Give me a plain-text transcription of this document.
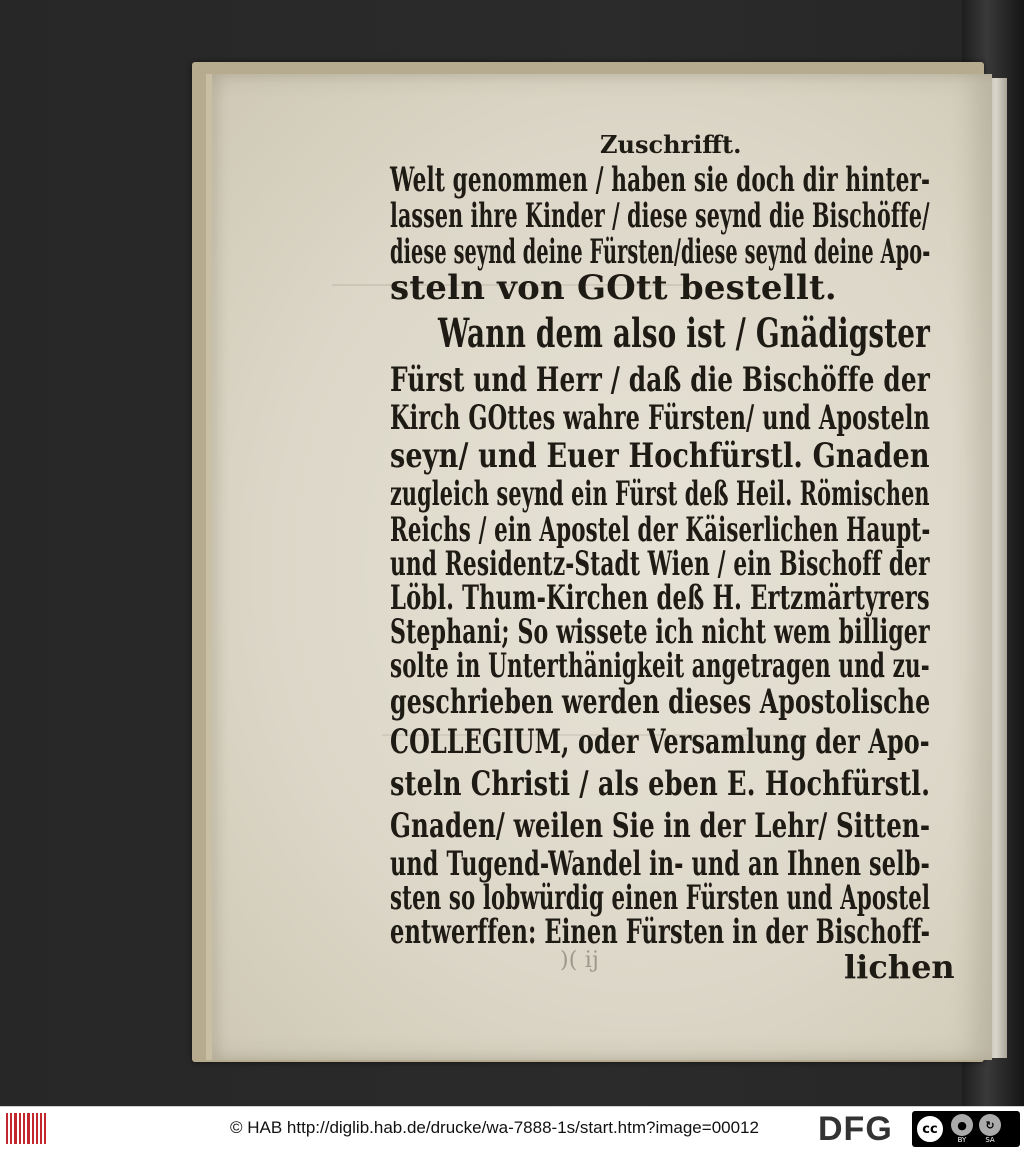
Zuschrifft.
Welt genommen / haben sie doch dir hinter-
lassen ihre Kinder / diese seynd die Bischöffe/
diese seynd deine Fürsten/diese seynd deine Apo-
steln von GOtt bestellt.
Wann dem also ist / Gnädigster
Fürst und Herr / daß die Bischöffe der
Kirch GOttes wahre Fürsten/ und Aposteln
seyn/ und Euer Hochfürstl. Gnaden
zugleich seynd ein Fürst deß Heil. Römischen
Reichs / ein Apostel der Käiserlichen Haupt-
und Residentz-Stadt Wien / ein Bischoff der
Löbl. Thum-Kirchen deß H. Ertzmärtyrers
Stephani; So wissete ich nicht wem billiger
solte in Unterthänigkeit angetragen und zu-
geschrieben werden dieses Apostolische
COLLEGIUM, oder Versamlung der Apo-
steln Christi / als eben E. Hochfürstl.
Gnaden/ weilen Sie in der Lehr/ Sitten-
und Tugend-Wandel in- und an Ihnen selb-
sten so lobwürdig einen Fürsten und Apostel
entwerffen: Einen Fürsten in der Bischoff-
)( ij	lichen
© HAB http://diglib.hab.de/drucke/wa-7888-1s/start.htm?image=00012 DFG	cc	●
BY
↻
SA
